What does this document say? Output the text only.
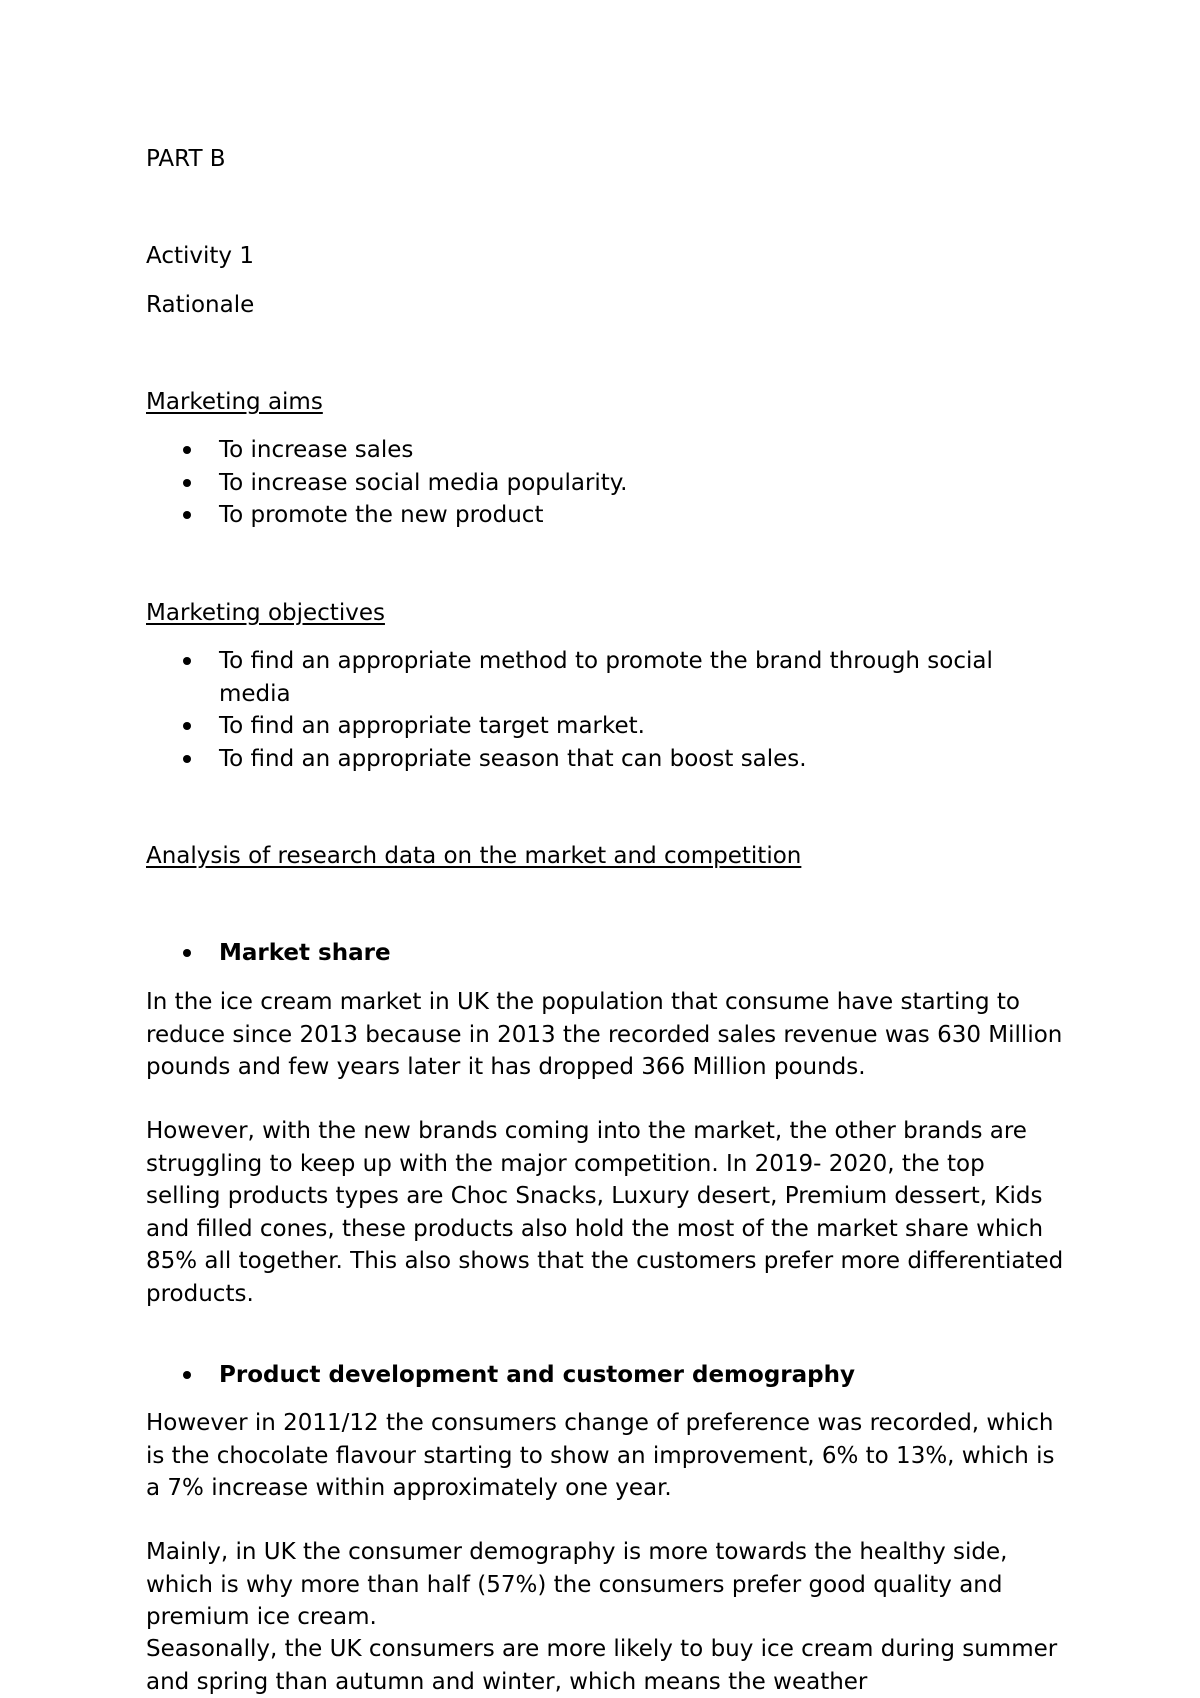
PART B

Activity 1

Rationale

Marketing aims

To increase sales
To increase social media popularity.
To promote the new product

Marketing objectives

To find an appropriate method to promote the brand through social media
To find an appropriate target market.
To find an appropriate season that can boost sales.

Analysis of research data on the market and competition

Market share

In the ice cream market in UK the population that consume have starting to reduce since 2013 because in 2013 the recorded sales revenue was 630 Million pounds and few years later it has dropped 366 Million pounds.

However, with the new brands coming into the market, the other brands are struggling to keep up with the major competition. In 2019- 2020, the top selling products types are Choc Snacks, Luxury desert, Premium dessert, Kids and filled cones, these products also hold the most of the market share which 85% all together. This also shows that the customers prefer more differentiated products.

Product development and customer demography

However in 2011/12 the consumers change of preference was recorded, which is the chocolate flavour starting to show an improvement, 6% to 13%, which is a 7% increase within approximately one year.

Mainly, in UK the consumer demography is more towards the healthy side, which is why more than half (57%) the consumers prefer good quality and premium ice cream.

Seasonally, the UK consumers are more likely to buy ice cream during summer and spring than autumn and winter, which means the weather
